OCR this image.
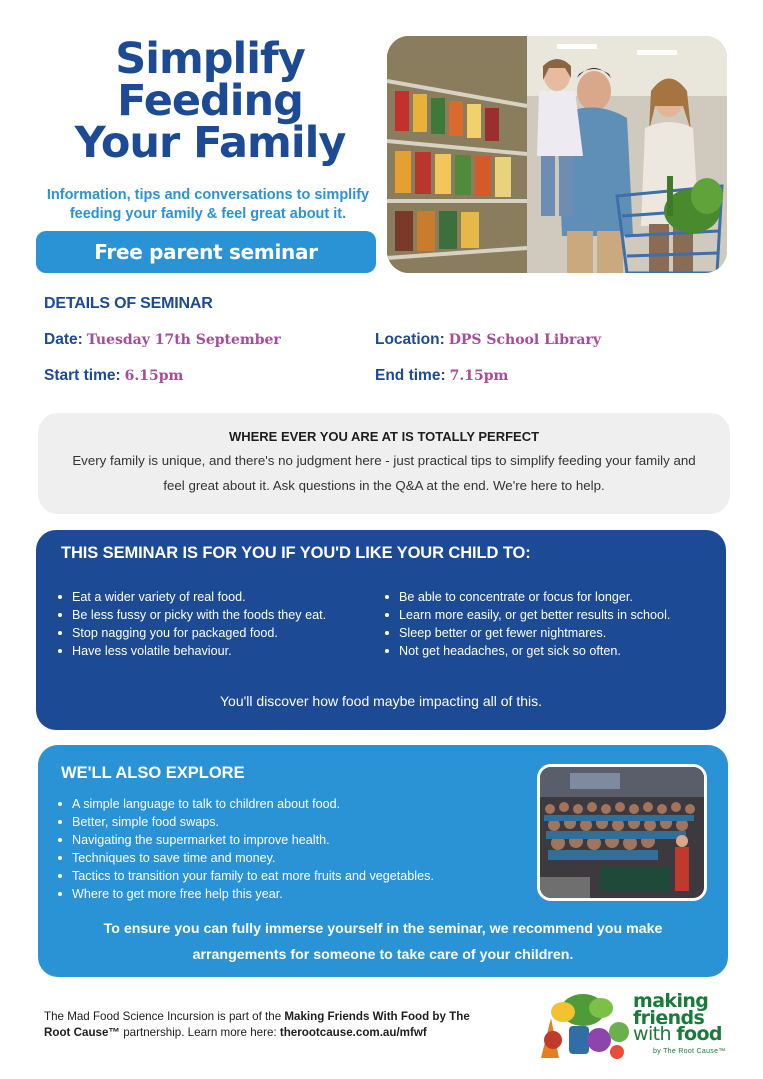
Simplify
Feeding
Your Family

Information, tips and conversations to simplify feeding your family & feel great about it.

Free parent seminar
DETAILS OF SEMINAR
Date: Tuesday 17th September	Location: DPS School Library
Start time: 6.15pm	End time: 7.15pm
WHERE EVER YOU ARE AT IS TOTALLY PERFECT

Every family is unique, and there's no judgment here - just practical tips to simplify feeding your family and feel great about it. Ask questions in the Q&A at the end. We're here to help.

THIS SEMINAR IS FOR YOU IF YOU'D LIKE YOUR CHILD TO:
Eat a wider variety of real food.
Be less fussy or picky with the foods they eat.
Stop nagging you for packaged food.
Have less volatile behaviour.
Be able to concentrate or focus for longer.
Learn more easily, or get better results in school.
Sleep better or get fewer nightmares.
Not get headaches, or get sick so often.

You'll discover how food maybe impacting all of this.

WE'LL ALSO EXPLORE
A simple language to talk to children about food.
Better, simple food swaps.
Navigating the supermarket to improve health.
Techniques to save time and money.
Tactics to transition your family to eat more fruits and vegetables.
Where to get more free help this year.

To ensure you can fully immerse yourself in the seminar, we recommend you make arrangements for someone to take care of your children.

The Mad Food Science Incursion is part of the Making Friends With Food by The Root Cause™ partnership. Learn more here: therootcause.com.au/mfwf

making
friends
with food
by The Root Cause™
